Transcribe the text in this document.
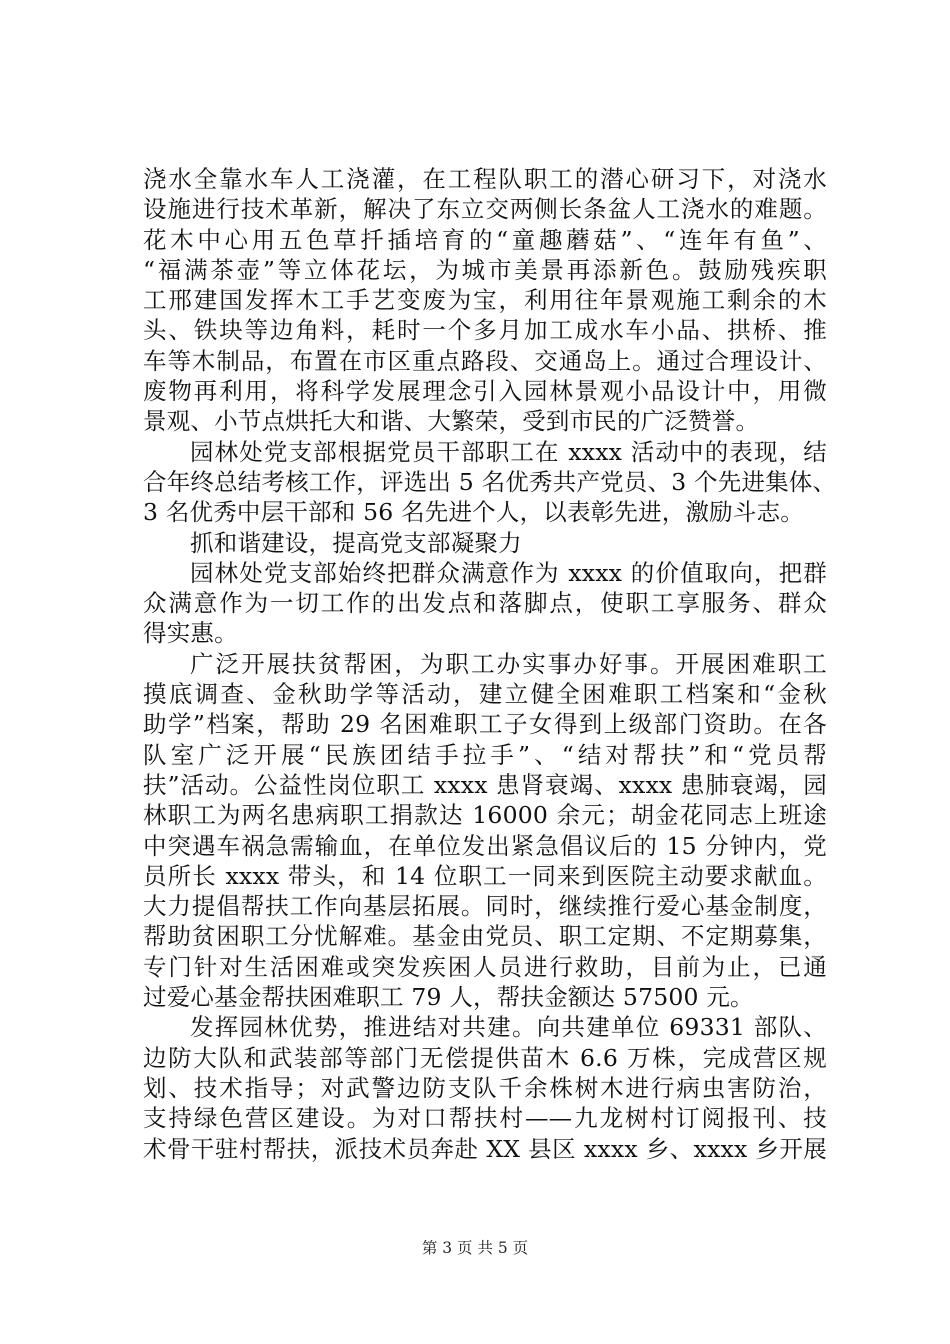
浇水全靠水车人工浇灌，在工程队职工的潜心研习下，对浇水
设施进行技术革新，解决了东立交两侧长条盆人工浇水的难题。
花木中心用五色草扦插培育的“童趣蘑菇”、“连年有鱼”、
“福满茶壶”等立体花坛，为城市美景再添新色。鼓励残疾职
工邢建国发挥木工手艺变废为宝，利用往年景观施工剩余的木
头、铁块等边角料，耗时一个多月加工成水车小品、拱桥、推
车等木制品，布置在市区重点路段、交通岛上。通过合理设计、
废物再利用，将科学发展理念引入园林景观小品设计中，用微
景观、小节点烘托大和谐、大繁荣，受到市民的广泛赞誉。
园林处党支部根据党员干部职工在 xxxx 活动中的表现，结
合年终总结考核工作，评选出 5 名优秀共产党员、3 个先进集体、
3 名优秀中层干部和 56 名先进个人，以表彰先进，激励斗志。
抓和谐建设，提高党支部凝聚力
园林处党支部始终把群众满意作为 xxxx 的价值取向，把群
众满意作为一切工作的出发点和落脚点，使职工享服务、群众
得实惠。
广泛开展扶贫帮困，为职工办实事办好事。开展困难职工
摸底调查、金秋助学等活动，建立健全困难职工档案和“金秋
助学”档案，帮助 29 名困难职工子女得到上级部门资助。在各
队室广泛开展“民族团结手拉手”、“结对帮扶”和“党员帮
扶”活动。公益性岗位职工 xxxx 患肾衰竭、xxxx 患肺衰竭，园
林职工为两名患病职工捐款达 16000 余元；胡金花同志上班途
中突遇车祸急需输血，在单位发出紧急倡议后的 15 分钟内，党
员所长 xxxx 带头，和 14 位职工一同来到医院主动要求献血。
大力提倡帮扶工作向基层拓展。同时，继续推行爱心基金制度，
帮助贫困职工分忧解难。基金由党员、职工定期、不定期募集，
专门针对生活困难或突发疾困人员进行救助，目前为止，已通
过爱心基金帮扶困难职工 79 人，帮扶金额达 57500 元。
发挥园林优势，推进结对共建。向共建单位 69331 部队、
边防大队和武装部等部门无偿提供苗木 6.6 万株，完成营区规
划、技术指导；对武警边防支队千余株树木进行病虫害防治，
支持绿色营区建设。为对口帮扶村——九龙树村订阅报刊、技
术骨干驻村帮扶，派技术员奔赴 XX 县区 xxxx 乡、xxxx 乡开展
第 3 页 共 5 页
